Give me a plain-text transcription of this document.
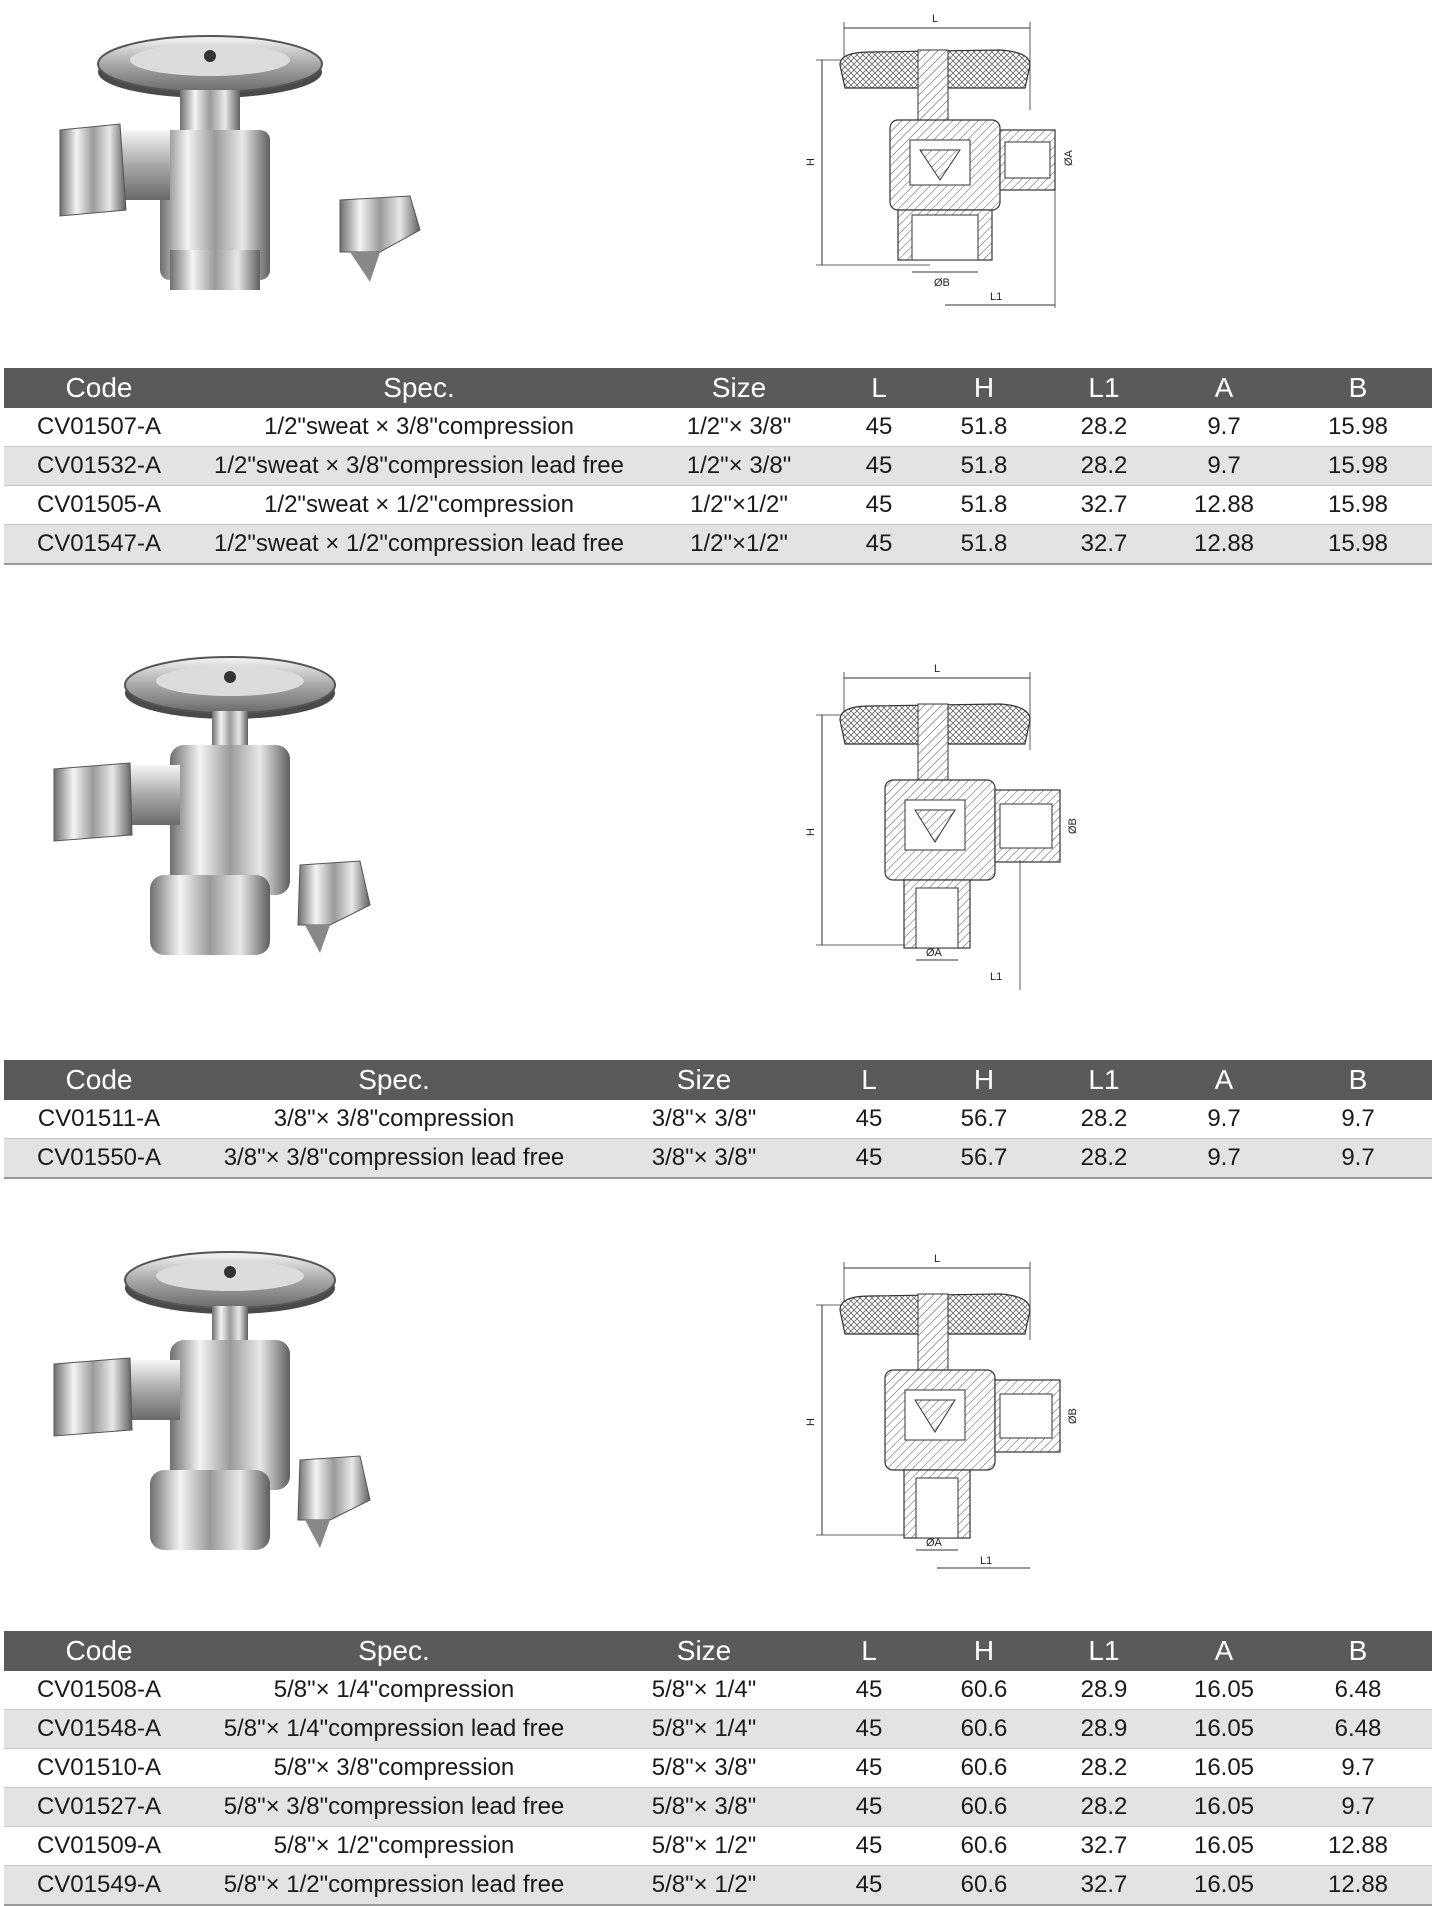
L
H	ØA
ØB
L1
Code	Spec.	Size	L	H	L1	A	B
CV01507-A	1/2"sweat × 3/8"compression	1/2"× 3/8"	45	51.8	28.2	9.7	15.98
CV01532-A	1/2"sweat × 3/8"compression lead free	1/2"× 3/8"	45	51.8	28.2	9.7	15.98
CV01505-A	1/2"sweat × 1/2"compression	1/2"×1/2"	45	51.8	32.7	12.88	15.98
CV01547-A	1/2"sweat × 1/2"compression lead free	1/2"×1/2"	45	51.8	32.7	12.88	15.98
L
H	ØB
ØA
L1
Code	Spec.	Size	L	H	L1	A	B
CV01511-A	3/8"× 3/8"compression	3/8"× 3/8"	45	56.7	28.2	9.7	9.7
CV01550-A	3/8"× 3/8"compression lead free	3/8"× 3/8"	45	56.7	28.2	9.7	9.7
L
H	ØB
ØA
L1
Code	Spec.	Size	L	H	L1	A	B
CV01508-A	5/8"× 1/4"compression	5/8"× 1/4"	45	60.6	28.9	16.05	6.48
CV01548-A	5/8"× 1/4"compression lead free	5/8"× 1/4"	45	60.6	28.9	16.05	6.48
CV01510-A	5/8"× 3/8"compression	5/8"× 3/8"	45	60.6	28.2	16.05	9.7
CV01527-A	5/8"× 3/8"compression lead free	5/8"× 3/8"	45	60.6	28.2	16.05	9.7
CV01509-A	5/8"× 1/2"compression	5/8"× 1/2"	45	60.6	32.7	16.05	12.88
CV01549-A	5/8"× 1/2"compression lead free	5/8"× 1/2"	45	60.6	32.7	16.05	12.88
